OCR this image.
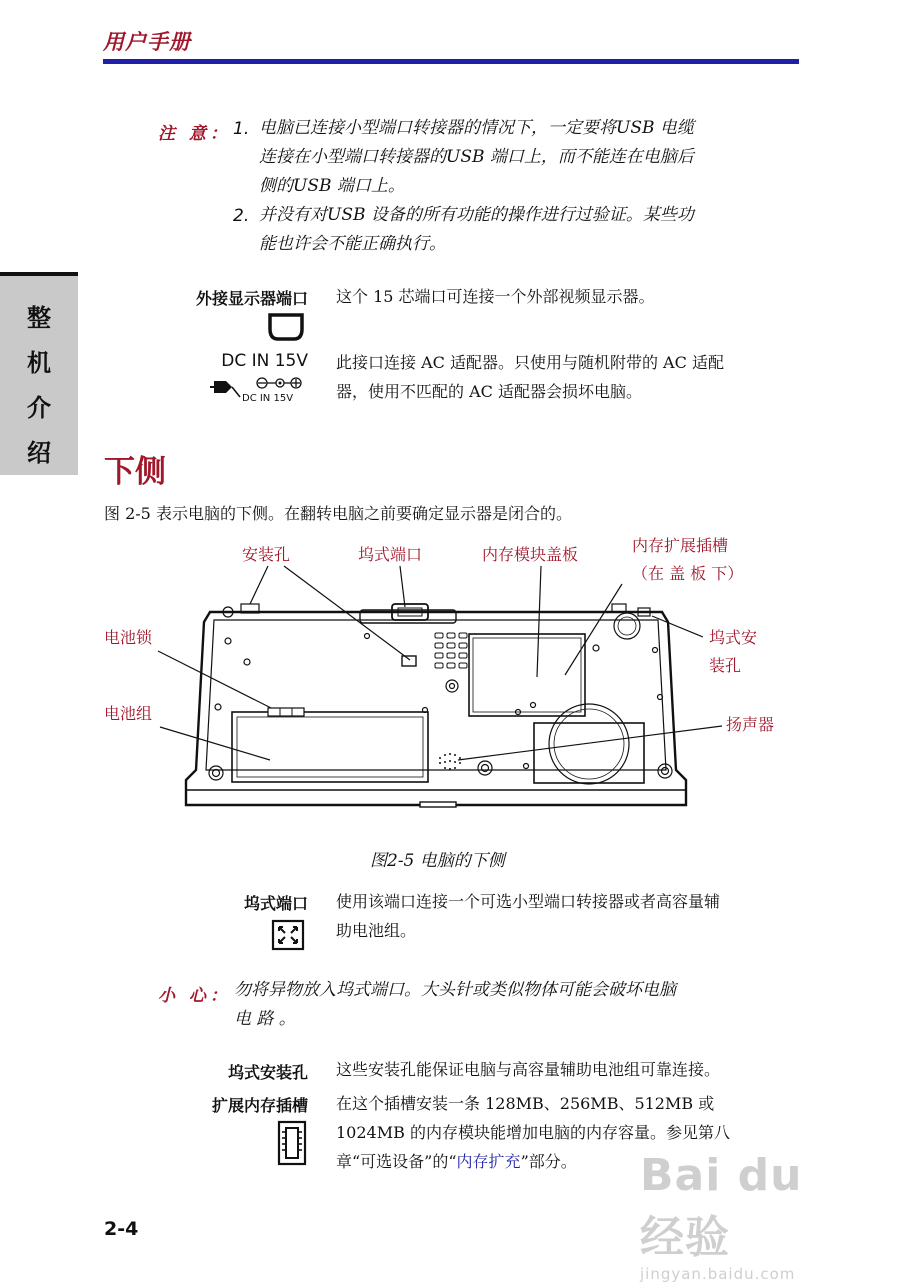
用户手册
整
机
介
绍
注 意： 1. 电脑已连接小型端口转接器的情况下，一定要将USB 电缆
连接在小型端口转接器的USB 端口上，而不能连在电脑后
侧的USB 端口上。
2. 并没有对USB 设备的所有功能的操作进行过验证。某些功
能也许会不能正确执行。
外接显示器端口 这个 15 芯端口可连接一个外部视频显示器。
DC IN 15V
DC IN 15V
此接口连接 AC 适配器。只使用与随机附带的 AC 适配
器，使用不匹配的 AC 适配器会损坏电脑。
下侧
图 2-5 表示电脑的下侧。在翻转电脑之前要确定显示器是闭合的。
安装孔	坞式端口	内存模块盖板	内存扩展插槽
（在 盖 板 下）
电池锁	坞式安
装孔
电池组
扬声器
图2-5 电脑的下侧
坞式端口 使用该端口连接一个可选小型端口转接器或者高容量辅
助电池组。
小 心： 勿将异物放入坞式端口。大头针或类似物体可能会破坏电脑
电 路 。
坞式安装孔 这些安装孔能保证电脑与高容量辅助电池组可靠连接。
扩展内存插槽 在这个插槽安装一条 128MB、256MB、512MB 或
1024MB 的内存模块能增加电脑的内存容量。参见第八
章“可选设备”的“内存扩充”部分。
2-4
Bai du 经验
jingyan.baidu.com
